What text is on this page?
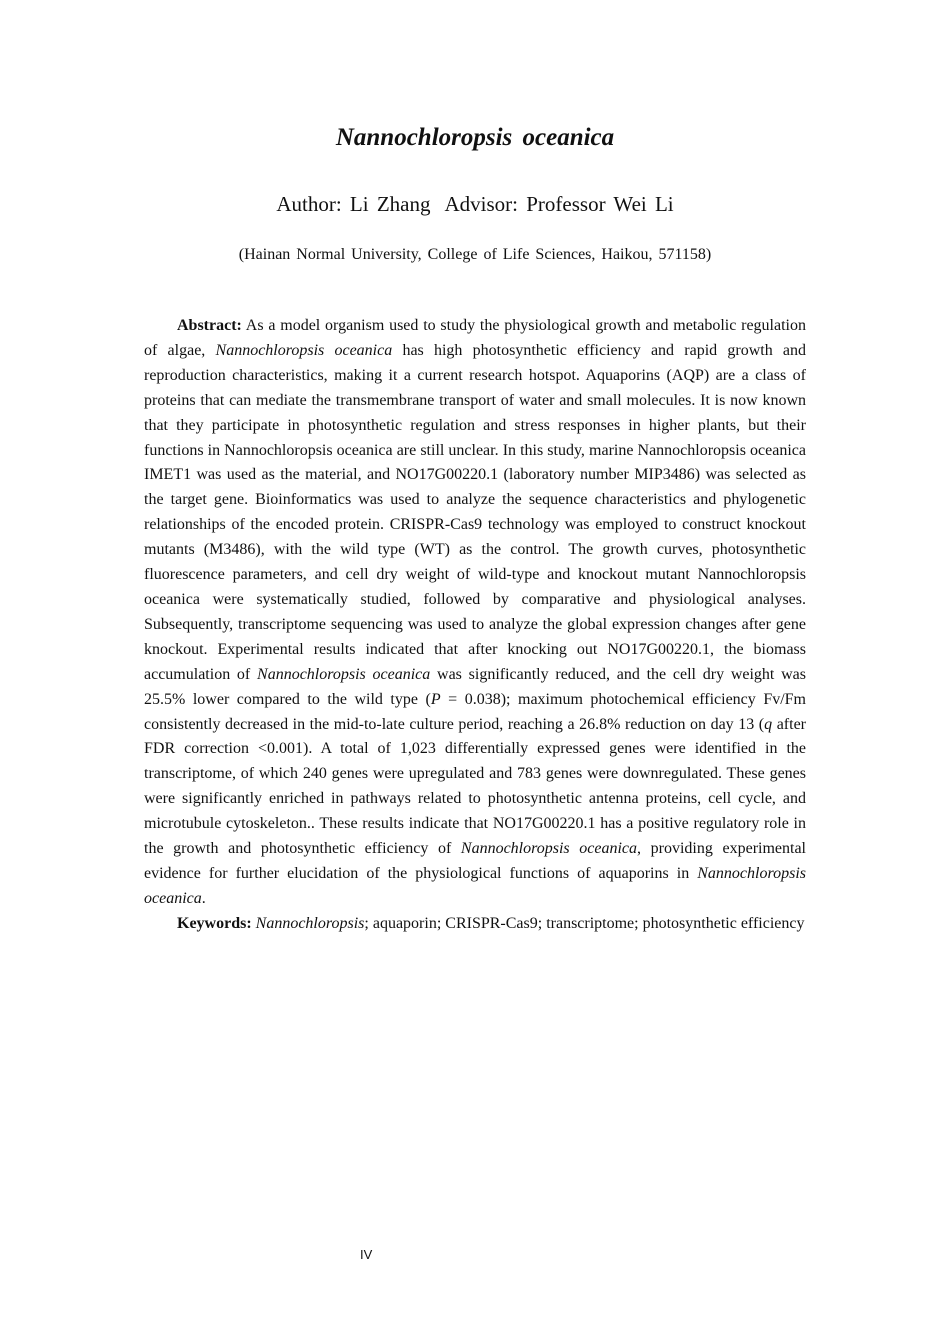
Nannochloropsis oceanica
Author: Li Zhang Advisor: Professor Wei Li
(Hainan Normal University, College of Life Sciences, Haikou, 571158)

Abstract: As a model organism used to study the physiological growth and metabolic regulation of algae, Nannochloropsis oceanica has high photosynthetic efficiency and rapid growth and reproduction characteristics, making it a current research hotspot. Aquaporins (AQP) are a class of proteins that can mediate the transmembrane transport of water and small molecules. It is now known that they participate in photosynthetic regulation and stress responses in higher plants, but their functions in Nannochloropsis oceanica are still unclear. In this study, marine Nannochloropsis oceanica IMET1 was used as the material, and NO17G00220.1 (laboratory number MIP3486) was selected as the target gene. Bioinformatics was used to analyze the sequence characteristics and phylogenetic relationships of the encoded protein. CRISPR-Cas9 technology was employed to construct knockout mutants (M3486), with the wild type (WT) as the control. The growth curves, photosynthetic fluorescence parameters, and cell dry weight of wild-type and knockout mutant Nannochloropsis oceanica were systematically studied, followed by comparative and physiological analyses. Subsequently, transcriptome sequencing was used to analyze the global expression changes after gene knockout. Experimental results indicated that after knocking out NO17G00220.1, the biomass accumulation of Nannochloropsis oceanica was significantly reduced, and the cell dry weight was 25.5% lower compared to the wild type (P = 0.038); maximum photochemical efficiency Fv/Fm consistently decreased in the mid-to-late culture period, reaching a 26.8% reduction on day 13 (q after FDR correction <0.001). A total of 1,023 differentially expressed genes were identified in the transcriptome, of which 240 genes were upregulated and 783 genes were downregulated. These genes were significantly enriched in pathways related to photosynthetic antenna proteins, cell cycle, and microtubule cytoskeleton.. These results indicate that NO17G00220.1 has a positive regulatory role in the growth and photosynthetic efficiency of Nannochloropsis oceanica, providing experimental evidence for further elucidation of the physiological functions of aquaporins in Nannochloropsis oceanica.

Keywords: Nannochloropsis; aquaporin; CRISPR-Cas9; transcriptome; photosynthetic efficiency

IV
